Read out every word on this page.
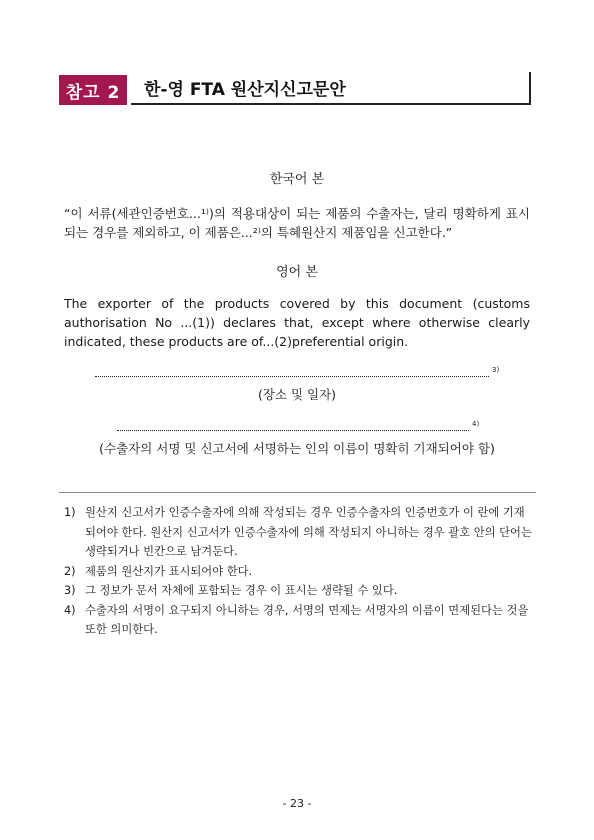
참고 2	한-영 FTA 원산지신고문안
한국어 본
“이 서류(세관인증번호...¹⁾)의 적용대상이 되는 제품의 수출자는, 달리 명확하게 표시되는 경우를 제외하고, 이 제품은...²⁾의 특혜원산지 제품임을 신고한다.”
영어 본
The exporter of the products covered by this document (customs authorisation No ...(1)) declares that, except where otherwise clearly indicated, these products are of...(2)preferential origin.
3)
(장소 및 일자)
4)
(수출자의 서명 및 신고서에 서명하는 인의 이름이 명확히 기재되어야 함)
1) 원산지 신고서가 인증수출자에 의해 작성되는 경우 인증수출자의 인증번호가 이 란에 기재되어야 한다. 원산지 신고서가 인증수출자에 의해 작성되지 아니하는 경우 괄호 안의 단어는 생략되거나 빈칸으로 남겨둔다.
2) 제품의 원산지가 표시되어야 한다.
3) 그 정보가 문서 자체에 포함되는 경우 이 표시는 생략될 수 있다.
4) 수출자의 서명이 요구되지 아니하는 경우, 서명의 면제는 서명자의 이름이 면제된다는 것을 또한 의미한다.
- 23 -
